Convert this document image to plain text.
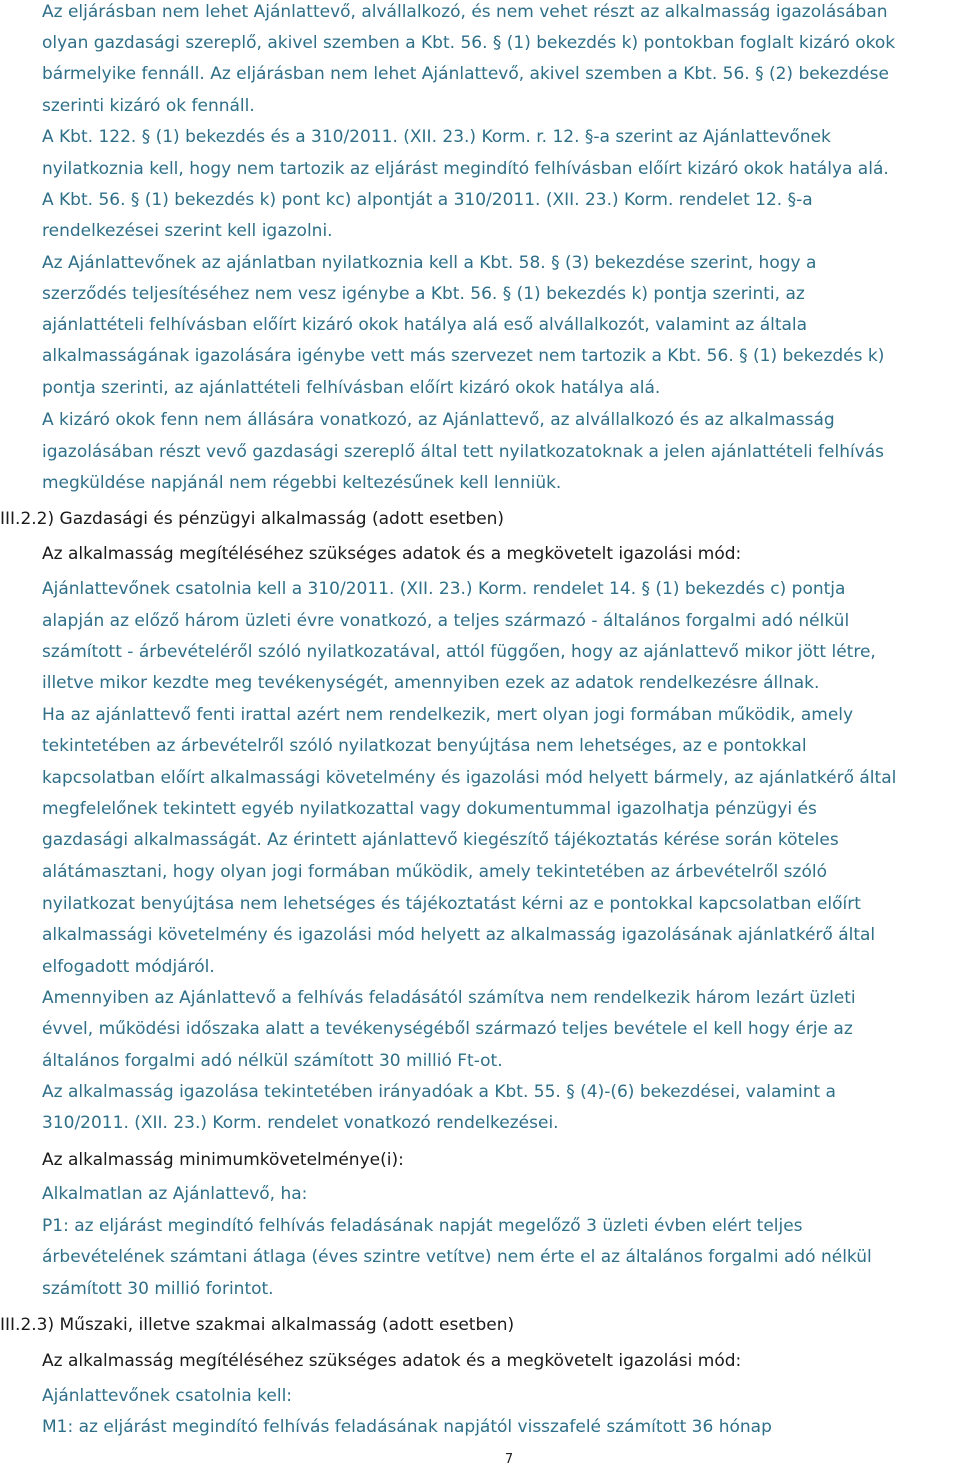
Az eljárásban nem lehet Ajánlattevő, alvállalkozó, és nem vehet részt az alkalmasság igazolásában
olyan gazdasági szereplő, akivel szemben a Kbt. 56. § (1) bekezdés k) pontokban foglalt kizáró okok
bármelyike fennáll. Az eljárásban nem lehet Ajánlattevő, akivel szemben a Kbt. 56. § (2) bekezdése
szerinti kizáró ok fennáll.
A Kbt. 122. § (1) bekezdés és a 310/2011. (XII. 23.) Korm. r. 12. §-a szerint az Ajánlattevőnek
nyilatkoznia kell, hogy nem tartozik az eljárást megindító felhívásban előírt kizáró okok hatálya alá.
A Kbt. 56. § (1) bekezdés k) pont kc) alpontját a 310/2011. (XII. 23.) Korm. rendelet 12. §-a
rendelkezései szerint kell igazolni.
Az Ajánlattevőnek az ajánlatban nyilatkoznia kell a Kbt. 58. § (3) bekezdése szerint, hogy a
szerződés teljesítéséhez nem vesz igénybe a Kbt. 56. § (1) bekezdés k) pontja szerinti, az
ajánlattételi felhívásban előírt kizáró okok hatálya alá eső alvállalkozót, valamint az általa
alkalmasságának igazolására igénybe vett más szervezet nem tartozik a Kbt. 56. § (1) bekezdés k)
pontja szerinti, az ajánlattételi felhívásban előírt kizáró okok hatálya alá.
A kizáró okok fenn nem állására vonatkozó, az Ajánlattevő, az alvállalkozó és az alkalmasság
igazolásában részt vevő gazdasági szereplő által tett nyilatkozatoknak a jelen ajánlattételi felhívás
megküldése napjánál nem régebbi keltezésűnek kell lenniük.
III.2.2) Gazdasági és pénzügyi alkalmasság (adott esetben)
Az alkalmasság megítéléséhez szükséges adatok és a megkövetelt igazolási mód:
Ajánlattevőnek csatolnia kell a 310/2011. (XII. 23.) Korm. rendelet 14. § (1) bekezdés c) pontja
alapján az előző három üzleti évre vonatkozó, a teljes származó - általános forgalmi adó nélkül
számított - árbevételéről szóló nyilatkozatával, attól függően, hogy az ajánlattevő mikor jött létre,
illetve mikor kezdte meg tevékenységét, amennyiben ezek az adatok rendelkezésre állnak.
Ha az ajánlattevő fenti irattal azért nem rendelkezik, mert olyan jogi formában működik, amely
tekintetében az árbevételről szóló nyilatkozat benyújtása nem lehetséges, az e pontokkal
kapcsolatban előírt alkalmassági követelmény és igazolási mód helyett bármely, az ajánlatkérő által
megfelelőnek tekintett egyéb nyilatkozattal vagy dokumentummal igazolhatja pénzügyi és
gazdasági alkalmasságát. Az érintett ajánlattevő kiegészítő tájékoztatás kérése során köteles
alátámasztani, hogy olyan jogi formában működik, amely tekintetében az árbevételről szóló
nyilatkozat benyújtása nem lehetséges és tájékoztatást kérni az e pontokkal kapcsolatban előírt
alkalmassági követelmény és igazolási mód helyett az alkalmasság igazolásának ajánlatkérő által
elfogadott módjáról.
Amennyiben az Ajánlattevő a felhívás feladásától számítva nem rendelkezik három lezárt üzleti
évvel, működési időszaka alatt a tevékenységéből származó teljes bevétele el kell hogy érje az
általános forgalmi adó nélkül számított 30 millió Ft-ot.
Az alkalmasság igazolása tekintetében irányadóak a Kbt. 55. § (4)-(6) bekezdései, valamint a
310/2011. (XII. 23.) Korm. rendelet vonatkozó rendelkezései.
Az alkalmasság minimumkövetelménye(i):
Alkalmatlan az Ajánlattevő, ha:
P1: az eljárást megindító felhívás feladásának napját megelőző 3 üzleti évben elért teljes
árbevételének számtani átlaga (éves szintre vetítve) nem érte el az általános forgalmi adó nélkül
számított 30 millió forintot.
III.2.3) Műszaki, illetve szakmai alkalmasság (adott esetben)
Az alkalmasság megítéléséhez szükséges adatok és a megkövetelt igazolási mód:
Ajánlattevőnek csatolnia kell:
M1: az eljárást megindító felhívás feladásának napjától visszafelé számított 36 hónap
7
